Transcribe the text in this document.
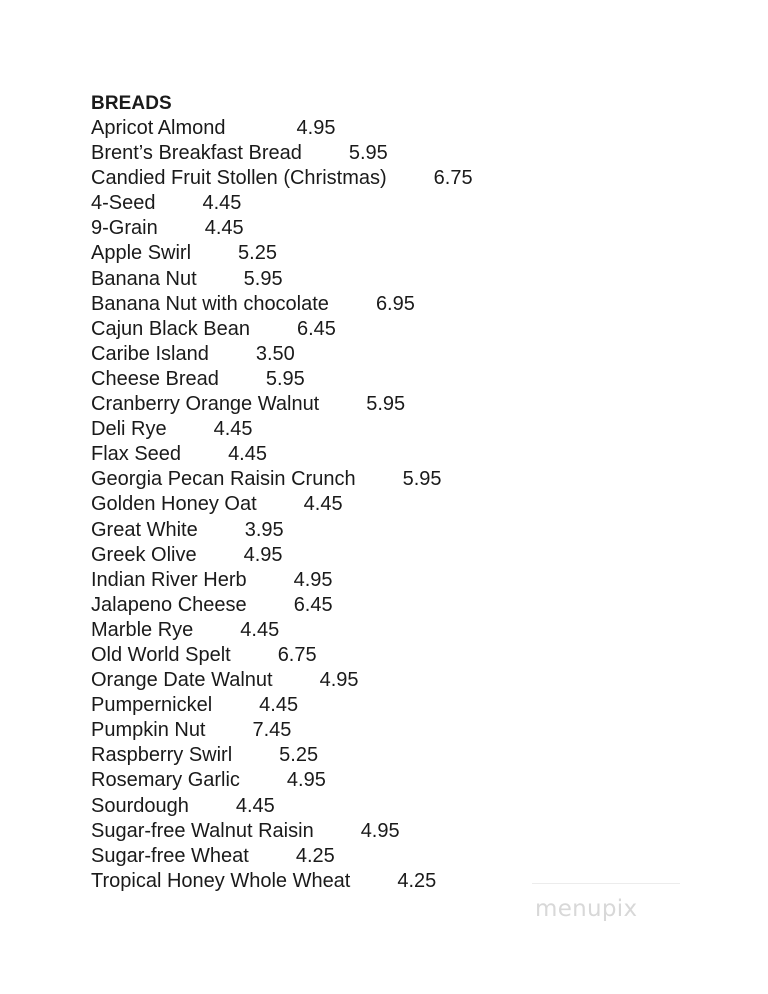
BREADS
Apricot Almond	4.95
Brent’s Breakfast Bread 5.95
Candied Fruit Stollen (Christmas) 6.75
4-Seed 4.45
9-Grain 4.45
Apple Swirl 5.25
Banana Nut 5.95
Banana Nut with chocolate 6.95
Cajun Black Bean 6.45
Caribe Island 3.50
Cheese Bread 5.95
Cranberry Orange Walnut 5.95
Deli Rye 4.45
Flax Seed 4.45
Georgia Pecan Raisin Crunch 5.95
Golden Honey Oat 4.45
Great White 3.95
Greek Olive 4.95
Indian River Herb 4.95
Jalapeno Cheese 6.45
Marble Rye 4.45
Old World Spelt 6.75
Orange Date Walnut 4.95
Pumpernickel 4.45
Pumpkin Nut 7.45
Raspberry Swirl 5.25
Rosemary Garlic 4.95
Sourdough 4.45
Sugar-free Walnut Raisin 4.95
Sugar-free Wheat 4.25
Tropical Honey Whole Wheat 4.25
menupix
